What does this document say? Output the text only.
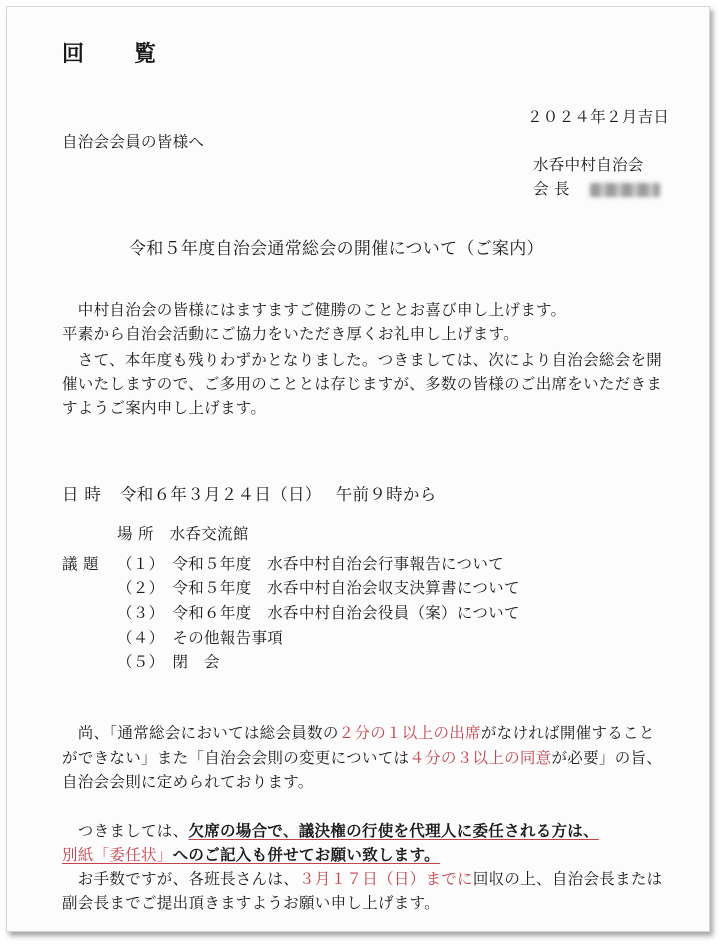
回　覧
２０２４年２月吉日
自治会会員の皆様へ
水呑中村自治会
会 長
令和５年度自治会通常総会の開催について（ご案内）
　中村自治会の皆様にはますますご健勝のこととお喜び申し上げます。
平素から自治会活動にご協力をいただき厚くお礼申し上げます。
　さて、本年度も残りわずかとなりました。つきましては、次により自治会総会を開
催いたしますので、ご多用のこととは存じますが、多数の皆様のご出席をいただきま
すようご案内申し上げます。
日 時 令和６年３月２４日（日）　 午前９時から
場 所　水呑交流館
議 題 （１）　令和５年度　水呑中村自治会行事報告について
（２）　令和５年度　水呑中村自治会収支決算書について
（３）　令和６年度　水呑中村自治会役員（案）について
（４）　その他報告事項
（５）　閉　会
　尚、「通常総会においては総会員数の２分の１以上の出席がなければ開催すること
ができない」また「自治会会則の変更については４分の３以上の同意が必要」の旨、
自治会会則に定められております。
　つきましては、欠席の場合で、議決権の行使を代理人に委任される方は、
別紙「委任状」へのご記入も併せてお願い致します。
　お手数ですが、各班長さんは、３月１７日（日）までに回収の上、自治会長または
副会長までご提出頂きますようお願い申し上げます。
